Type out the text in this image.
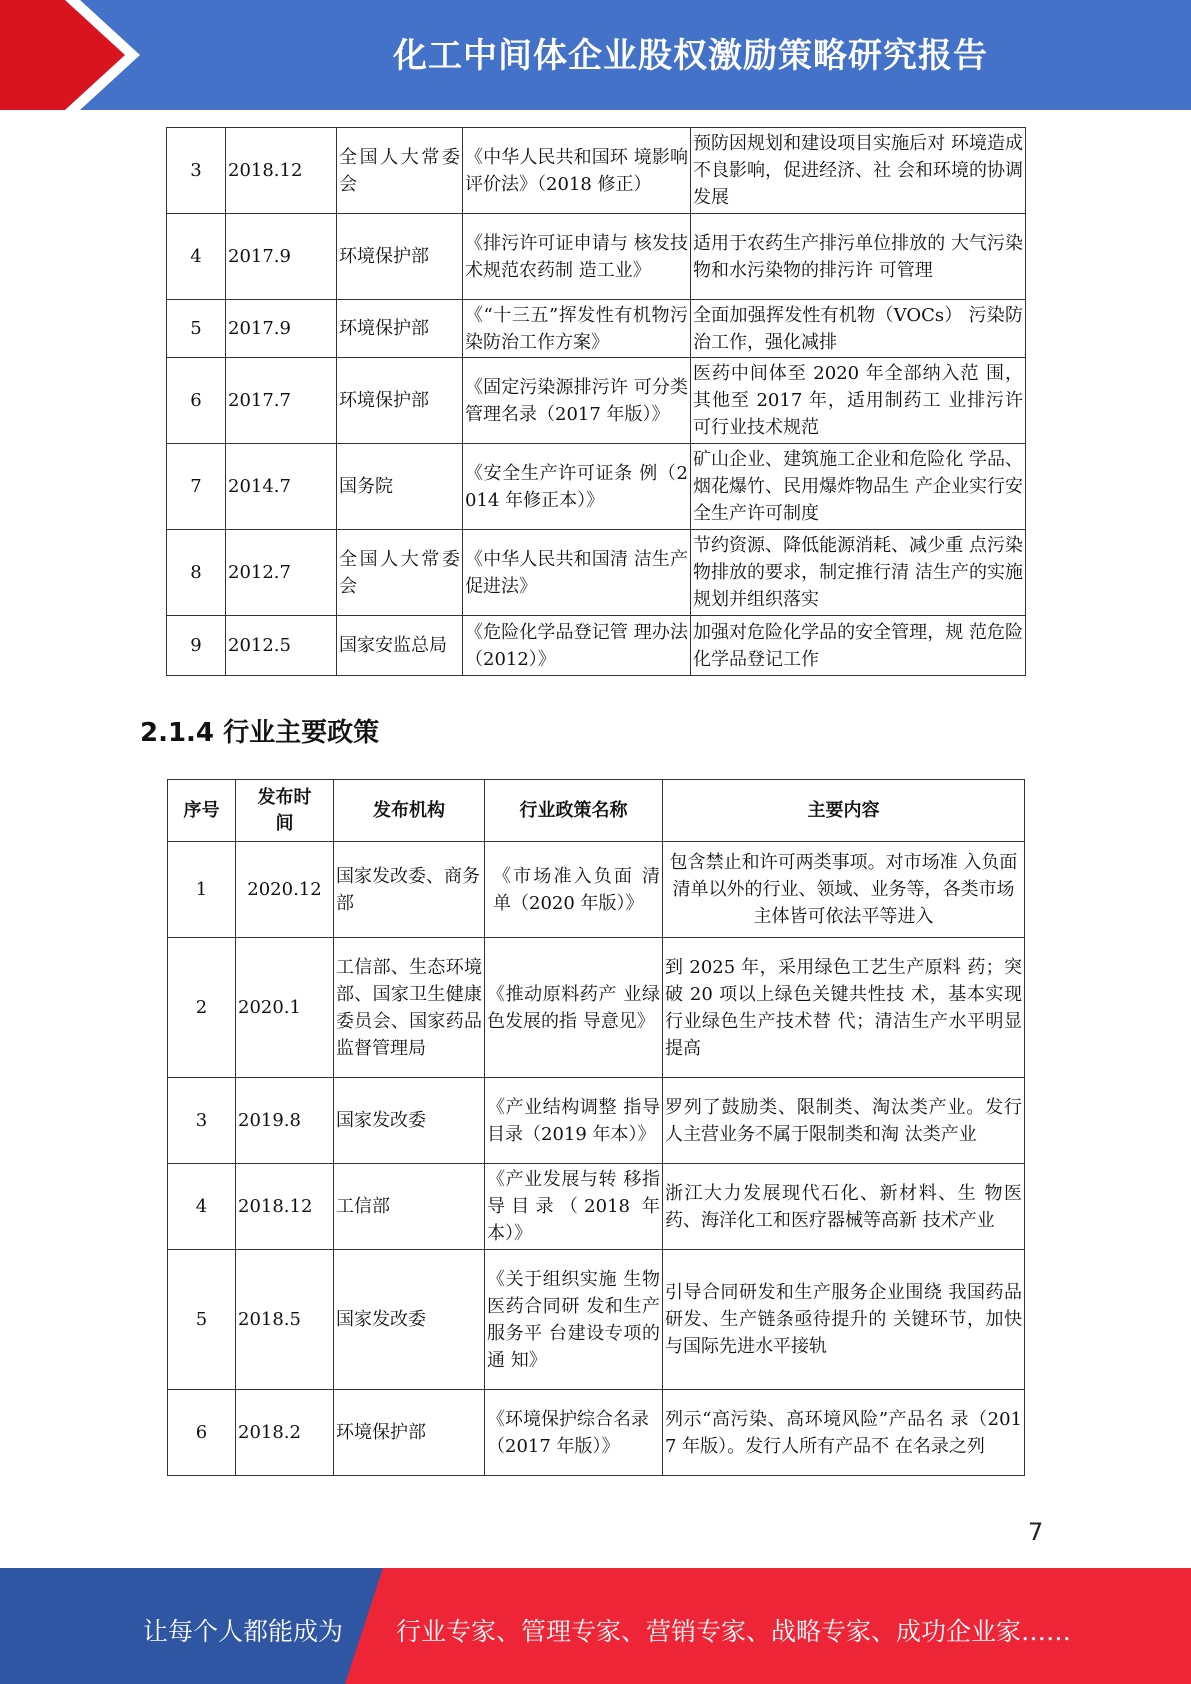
化工中间体企业股权激励策略研究报告
3	2018.12	全国人大常委会	《中华人民共和国环 境影响评价法》（2018 修正）	预防因规划和建设项目实施后对 环境造成不良影响，促进经济、社 会和环境的协调发展
4	2017.9	环境保护部	《排污许可证申请与 核发技术规范农药制 造工业》	适用于农药生产排污单位排放的 大气污染物和水污染物的排污许 可管理
5	2017.9	环境保护部	《“十三五”挥发性有机物污染防治工作方案》	全面加强挥发性有机物（VOCs） 污染防治工作，强化减排
6	2017.7	环境保护部	《固定污染源排污许 可分类管理名录（2017 年版）》	医药中间体至 2020 年全部纳入范 围，其他至 2017 年，适用制药工 业排污许可行业技术规范
7	2014.7	国务院	《安全生产许可证条 例（2014 年修正本）》	矿山企业、建筑施工企业和危险化 学品、烟花爆竹、民用爆炸物品生 产企业实行安全生产许可制度
8	2012.7	全国人大常委会	《中华人民共和国清 洁生产促进法》	节约资源、降低能源消耗、减少重 点污染物排放的要求，制定推行清 洁生产的实施规划并组织落实
9	2012.5	国家安监总局	《危险化学品登记管 理办法（2012）》	加强对危险化学品的安全管理，规 范危险化学品登记工作
2.1.4 行业主要政策
序号	发布时间	发布机构	行业政策名称	主要内容
1	2020.12	国家发改委、商务部	《市场准入负面 清单（2020 年版）》	包含禁止和许可两类事项。对市场准 入负面清单以外的行业、领域、业务等，各类市场主体皆可依法平等进入
2	2020.1	工信部、生态环境部、国家卫生健康委员会、国家药品监督管理局	《推动原料药产 业绿色发展的指 导意见》	到 2025 年，采用绿色工艺生产原料 药；突破 20 项以上绿色关键共性技 术，基本实现行业绿色生产技术替 代；清洁生产水平明显提高
3	2019.8	国家发改委	《产业结构调整 指导目录（2019 年本）》	罗列了鼓励类、限制类、淘汰类产业。发行人主营业务不属于限制类和淘 汰类产业
4	2018.12	工信部	《产业发展与转 移指导目录（2018 年本）》	浙江大力发展现代石化、新材料、生 物医药、海洋化工和医疗器械等高新 技术产业
5	2018.5	国家发改委	《关于组织实施 生物医药合同研 发和生产服务平 台建设专项的通 知》	引导合同研发和生产服务企业围绕 我国药品研发、生产链条亟待提升的 关键环节，加快与国际先进水平接轨
6	2018.2	环境保护部	《环境保护综合名录（2017 年版）》	列示“高污染、高环境风险”产品名 录（2017 年版）。发行人所有产品不 在名录之列
7
让每个人都能成为 行业专家、管理专家、营销专家、战略专家、成功企业家……
